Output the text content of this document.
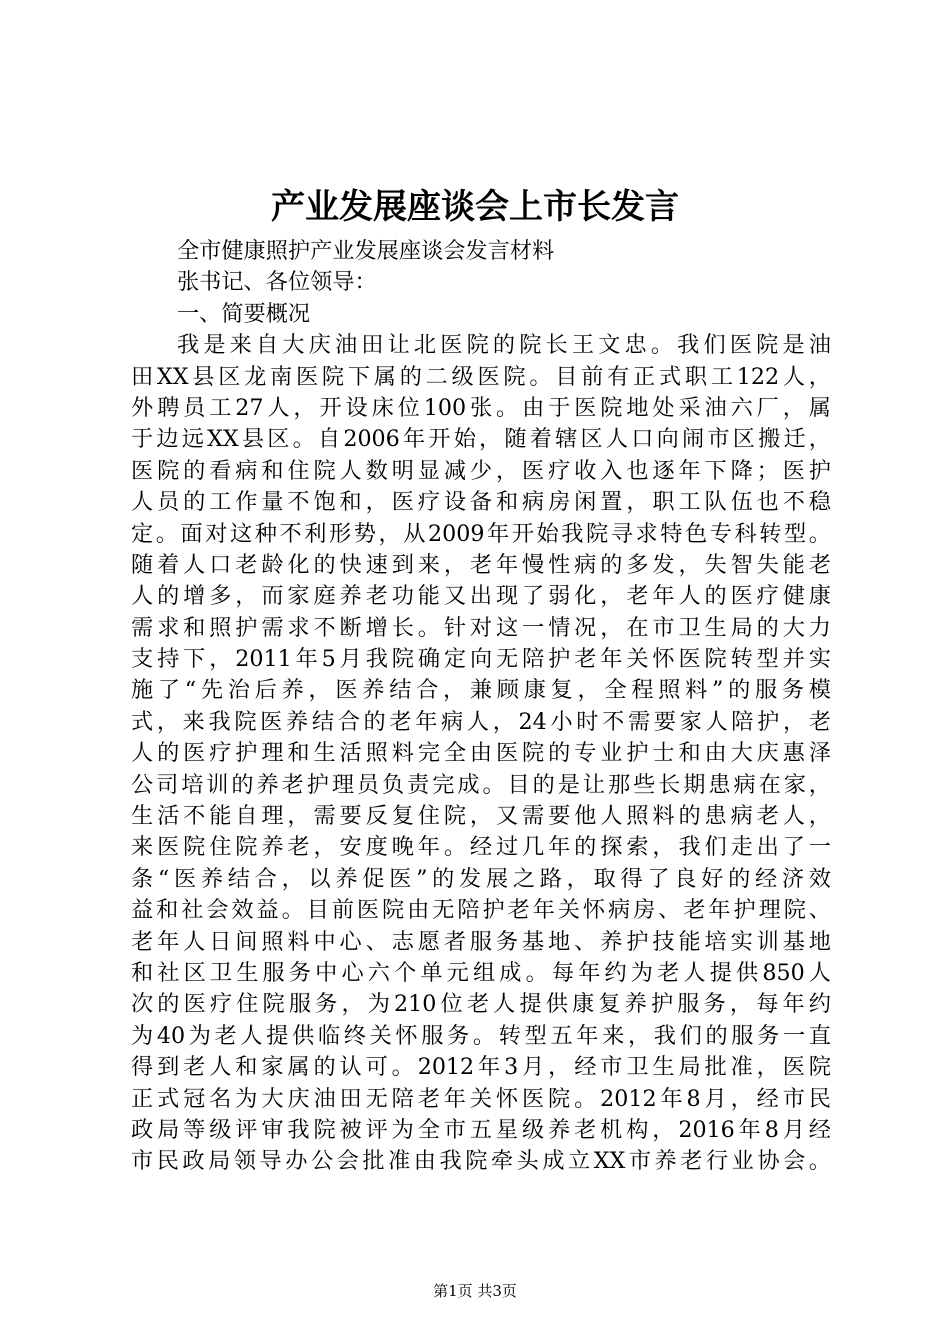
产业发展座谈会上市长发言
全市健康照护产业发展座谈会发言材料
张书记、各位领导：
一、简要概况
我是来自大庆油田让北医院的院长王文忠。我们医院是油
田XX县区龙南医院下属的二级医院。目前有正式职工122人，
外聘员工27人，开设床位100张。由于医院地处采油六厂，属
于边远XX县区。自2006年开始，随着辖区人口向闹市区搬迁，
医院的看病和住院人数明显减少，医疗收入也逐年下降；医护
人员的工作量不饱和，医疗设备和病房闲置，职工队伍也不稳
定。面对这种不利形势，从2009年开始我院寻求特色专科转型。
随着人口老龄化的快速到来，老年慢性病的多发，失智失能老
人的增多，而家庭养老功能又出现了弱化，老年人的医疗健康
需求和照护需求不断增长。针对这一情况，在市卫生局的大力
支持下，2011年5月我院确定向无陪护老年关怀医院转型并实
施了“先治后养，医养结合，兼顾康复，全程照料”的服务模
式，来我院医养结合的老年病人，24小时不需要家人陪护，老
人的医疗护理和生活照料完全由医院的专业护士和由大庆惠泽
公司培训的养老护理员负责完成。目的是让那些长期患病在家，
生活不能自理，需要反复住院，又需要他人照料的患病老人，
来医院住院养老，安度晚年。经过几年的探索，我们走出了一
条“医养结合，以养促医”的发展之路，取得了良好的经济效
益和社会效益。目前医院由无陪护老年关怀病房、老年护理院、
老年人日间照料中心、志愿者服务基地、养护技能培实训基地
和社区卫生服务中心六个单元组成。每年约为老人提供850人
次的医疗住院服务，为210位老人提供康复养护服务，每年约
为40为老人提供临终关怀服务。转型五年来，我们的服务一直
得到老人和家属的认可。2012年3月，经市卫生局批准，医院
正式冠名为大庆油田无陪老年关怀医院。2012年8月，经市民
政局等级评审我院被评为全市五星级养老机构，2016年8月经
市民政局领导办公会批准由我院牵头成立XX市养老行业协会。
第1页 共3页
